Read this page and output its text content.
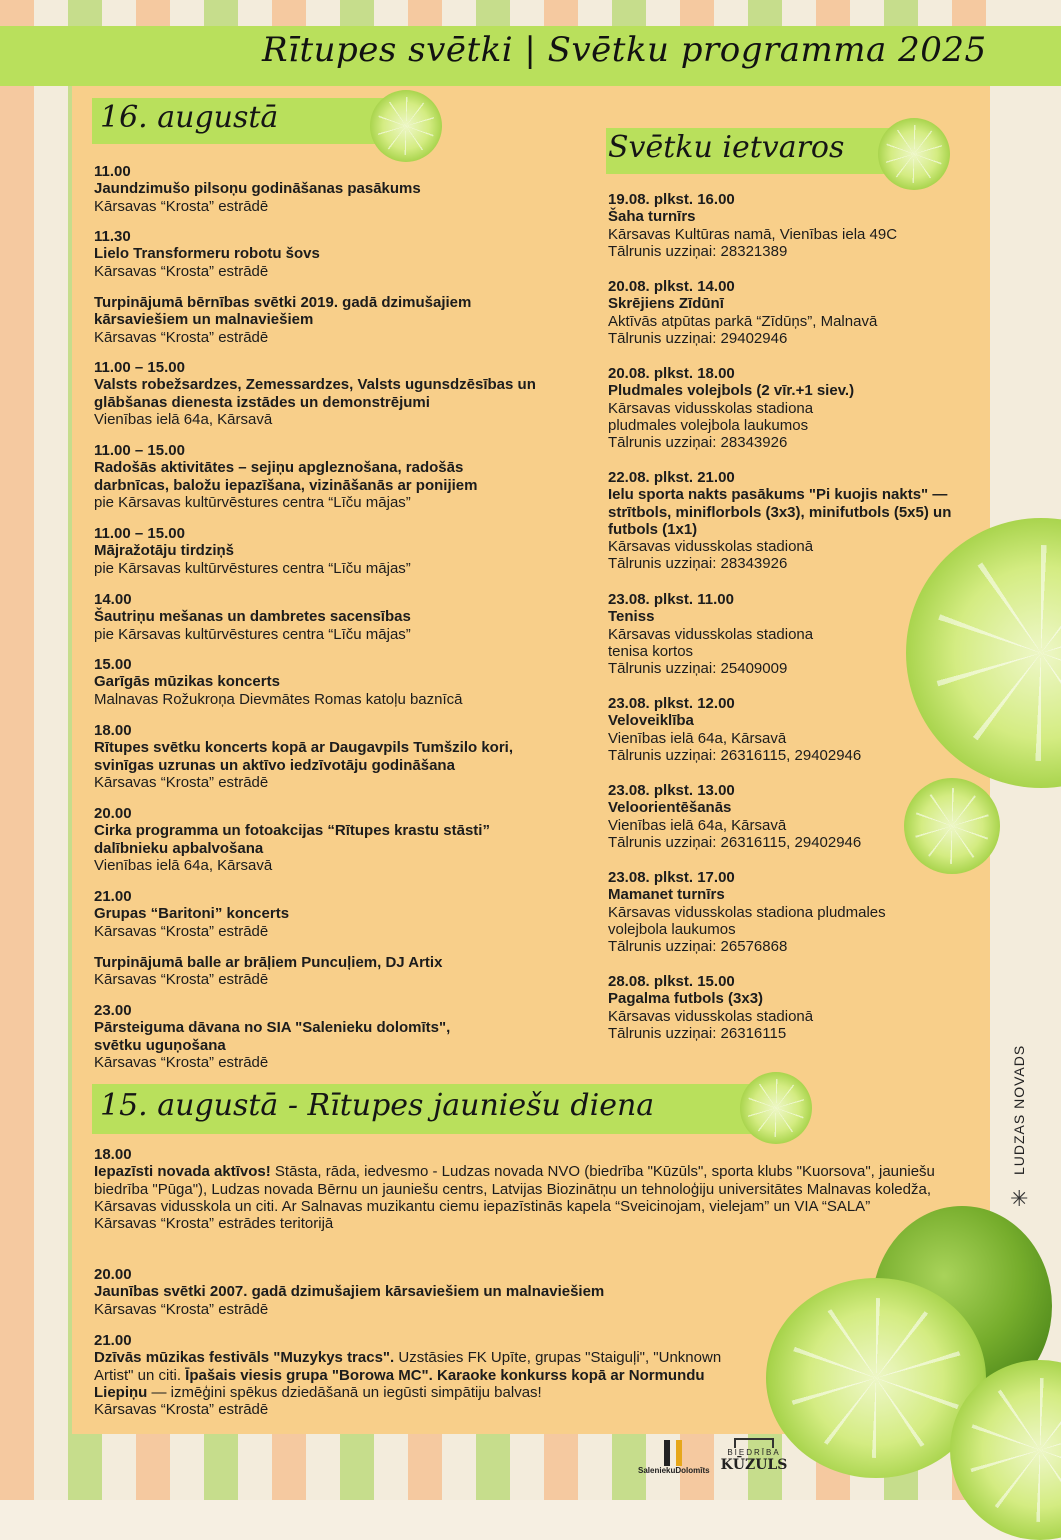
Rītupes svētki | Svētku programma 2025
16. augustā
Svētku ietvaros
11.00
Jaundzimušo pilsoņu godināšanas pasākums
Kārsavas “Krosta” estrādē
11.30
Lielo Transformeru robotu šovs
Kārsavas “Krosta” estrādē
Turpinājumā bērnības svētki 2019. gadā dzimušajiem kārsaviešiem un malnaviešiem
Kārsavas “Krosta” estrādē
11.00 – 15.00
Valsts robežsardzes, Zemessardzes, Valsts ugunsdzēsības un glābšanas dienesta izstādes un demonstrējumi
Vienības ielā 64a, Kārsavā
11.00 – 15.00
Radošās aktivitātes – sejiņu apgleznošana, radošās darbnīcas, baložu iepazīšana, vizināšanās ar ponijiem
pie Kārsavas kultūrvēstures centra “Līču mājas”
11.00 – 15.00
Mājražotāju tirdziņš
pie Kārsavas kultūrvēstures centra “Līču mājas”
14.00
Šautriņu mešanas un dambretes sacensības
pie Kārsavas kultūrvēstures centra “Līču mājas”
15.00
Garīgās mūzikas koncerts
Malnavas Rožukroņa Dievmātes Romas katoļu baznīcā
18.00
Rītupes svētku koncerts kopā ar Daugavpils Tumšzilo kori, svinīgas uzrunas un aktīvo iedzīvotāju godināšana
Kārsavas “Krosta” estrādē
20.00
Cirka programma un fotoakcijas “Rītupes krastu stāsti” dalībnieku apbalvošana
Vienības ielā 64a, Kārsavā
21.00
Grupas “Baritoni” koncerts
Kārsavas “Krosta” estrādē
Turpinājumā balle ar brāļiem Puncuļiem, DJ Artix
Kārsavas “Krosta” estrādē
23.00
Pārsteiguma dāvana no SIA "Salenieku dolomīts", svētku uguņošana
Kārsavas “Krosta” estrādē
19.08. plkst. 16.00
Šaha turnīrs
Kārsavas Kultūras namā, Vienības iela 49C
Tālrunis uzziņai: 28321389
20.08. plkst. 14.00
Skrējiens Zīdūnī
Aktīvās atpūtas parkā “Zīdūņs”, Malnavā
Tālrunis uzziņai: 29402946
20.08. plkst. 18.00
Pludmales volejbols (2 vīr.+1 siev.)
Kārsavas vidusskolas stadiona
pludmales volejbola laukumos
Tālrunis uzziņai: 28343926
22.08. plkst. 21.00
Ielu sporta nakts pasākums "Pi kuojis nakts" — strītbols, miniflorbols (3x3), minifutbols (5x5) un futbols (1x1)
Kārsavas vidusskolas stadionā
Tālrunis uzziņai: 28343926
23.08. plkst. 11.00
Teniss
Kārsavas vidusskolas stadiona
tenisa kortos
Tālrunis uzziņai: 25409009
23.08. plkst. 12.00
Veloveiklība
Vienības ielā 64a, Kārsavā
Tālrunis uzziņai: 26316115, 29402946
23.08. plkst. 13.00
Veloorientēšanās
Vienības ielā 64a, Kārsavā
Tālrunis uzziņai: 26316115, 29402946
23.08. plkst. 17.00
Mamanet turnīrs
Kārsavas vidusskolas stadiona pludmales
volejbola laukumos
Tālrunis uzziņai: 26576868
28.08. plkst. 15.00
Pagalma futbols (3x3)
Kārsavas vidusskolas stadionā
Tālrunis uzziņai: 26316115
15. augustā - Rītupes jauniešu diena
18.00
Iepazīsti novada aktīvos! Stāsta, rāda, iedvesmo - Ludzas novada NVO (biedrība "Kūzūls", sporta klubs "Kuorsova", jauniešu biedrība "Pūga"), Ludzas novada Bērnu un jauniešu centrs, Latvijas Biozinātņu un tehnoloģiju universitātes Malnavas koledža, Kārsavas vidusskola un citi. Ar Salnavas muzikantu ciemu iepazīstinās kapela “Sveicinojam, vielejam” un VIA “SALA”
Kārsavas “Krosta” estrādes teritorijā
20.00
Jaunības svētki 2007. gadā dzimušajiem kārsaviešiem un malnaviešiem
Kārsavas “Krosta” estrādē
21.00
Dzīvās mūzikas festivāls "Muzykys tracs". Uzstāsies FK Upīte, grupas "Staiguļi", "Unknown Artist" un citi. Īpašais viesis grupa "Borowa MC". Karaoke konkurss kopā ar Normundu Liepiņu — izmēģini spēkus dziedāšanā un iegūsti simpātiju balvas!
Kārsavas “Krosta” estrādē
LUDZAS NOVADS
✳
SaleniekuDolomīts
BIEDRĪBA
KŪZULS
